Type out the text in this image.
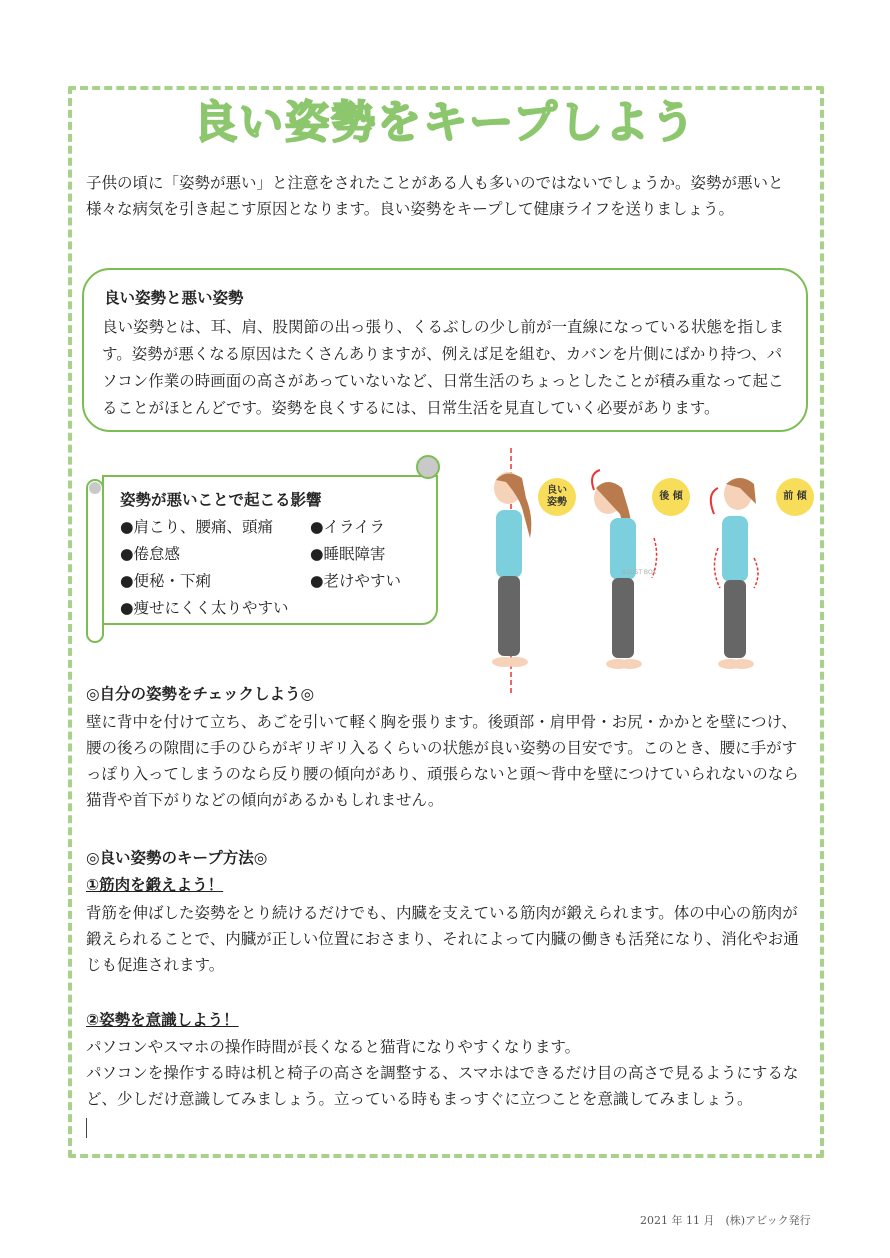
良い姿勢をキープしよう

子供の頃に「姿勢が悪い」と注意をされたことがある人も多いのではないでしょうか。姿勢が悪いと様々な病気を引き起こす原因となります。良い姿勢をキープして健康ライフを送りましょう。

良い姿勢と悪い姿勢

良い姿勢とは、耳、肩、股関節の出っ張り、くるぶしの少し前が一直線になっている状態を指します。姿勢が悪くなる原因はたくさんありますが、例えば足を組む、カバンを片側にばかり持つ、パソコン作業の時画面の高さがあっていないなど、日常生活のちょっとしたことが積み重なって起こることがほとんどです。姿勢を良くするには、日常生活を見直していく必要があります。

姿勢が悪いことで起こる影響
●肩こり、腰痛、頭痛 ●イライラ
●倦怠感	●睡眠障害
●便秘・下痢	●老けやすい
●痩せにくく太りやすい
ILLUST BOX
良い
姿勢
後 傾	前 傾
◎自分の姿勢をチェックしよう◎

壁に背中を付けて立ち、あごを引いて軽く胸を張ります。後頭部・肩甲骨・お尻・かかとを壁につけ、腰の後ろの隙間に手のひらがギリギリ入るくらいの状態が良い姿勢の目安です。このとき、腰に手がすっぽり入ってしまうのなら反り腰の傾向があり、頑張らないと頭～背中を壁につけていられないのなら猫背や首下がりなどの傾向があるかもしれません。

◎良い姿勢のキープ方法◎
①筋肉を鍛えよう！

背筋を伸ばした姿勢をとり続けるだけでも、内臓を支えている筋肉が鍛えられます。体の中心の筋肉が鍛えられることで、内臓が正しい位置におさまり、それによって内臓の働きも活発になり、消化やお通じも促進されます。

②姿勢を意識しよう！

パソコンやスマホの操作時間が長くなると猫背になりやすくなります。

パソコンを操作する時は机と椅子の高さを調整する、スマホはできるだけ目の高さで見るようにするなど、少しだけ意識してみましょう。立っている時もまっすぐに立つことを意識してみましょう。

2021 年 11 月　(株)アビック発行
